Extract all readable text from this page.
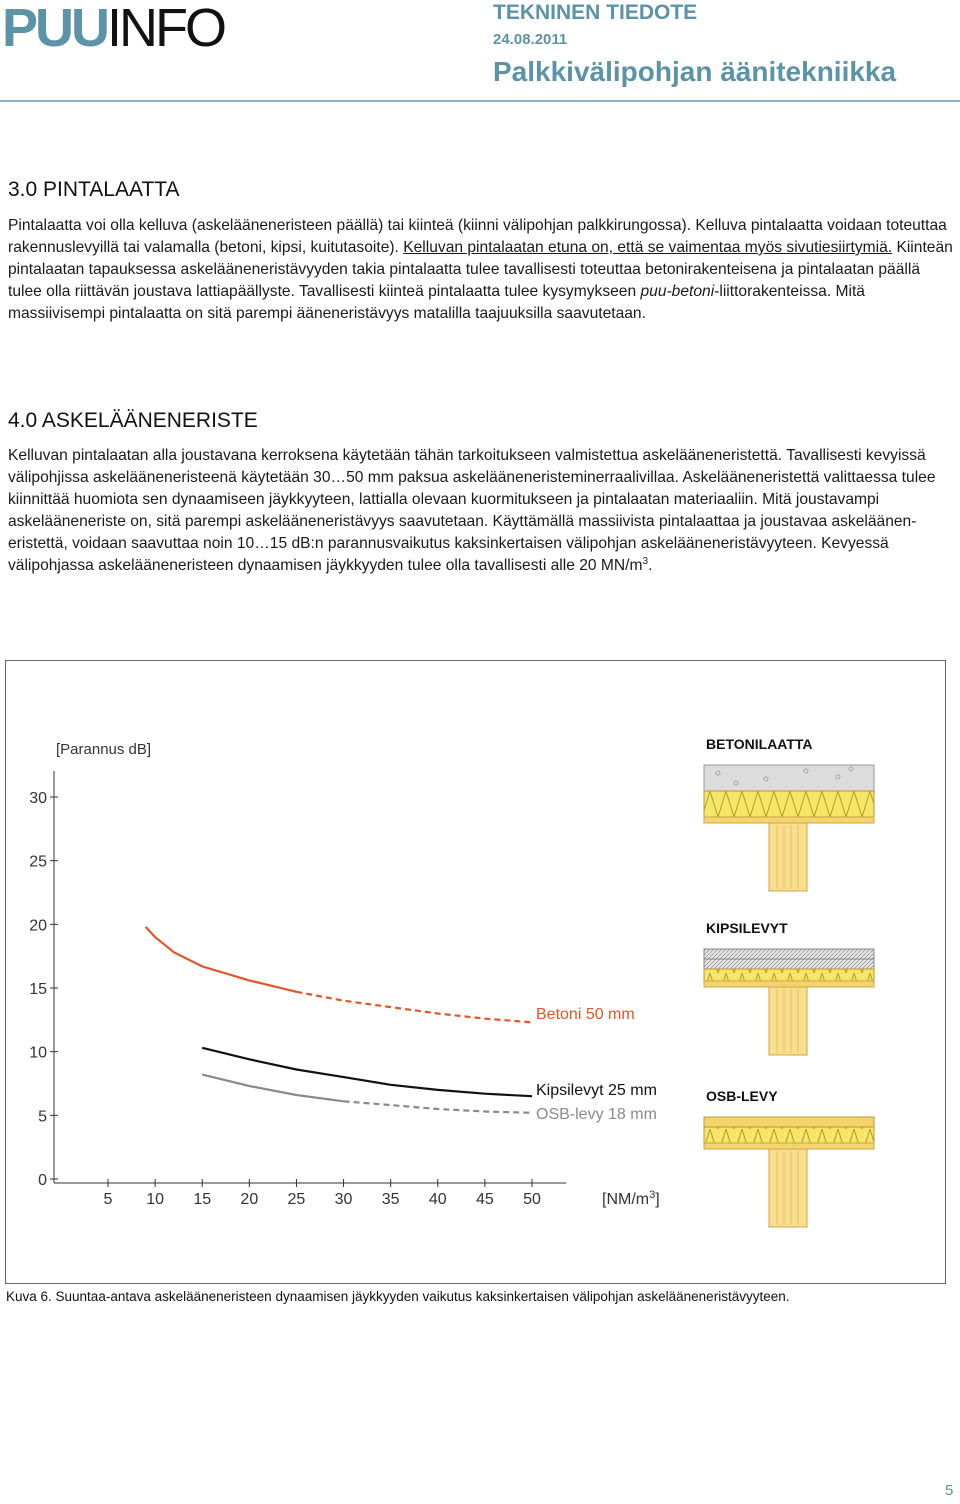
PUUINFO	TEKNINEN TIEDOTE
24.08.2011
Palkkivälipohjan äänitekniikka
3.0 PINTALAATTA

Pintalaatta voi olla kelluva (askelääneneristeen päällä) tai kiinteä (kiinni välipohjan palkkirungossa). Kelluva pintalaatta voidaan toteuttaa rakennuslevyillä tai valamalla (betoni, kipsi, kuitutasoite). Kelluvan pintalaatan etuna on, että se vaimentaa myös sivutiesiirtymiä. Kiinteän pintalaatan tapauksessa askelääneneristävyyden takia pintalaatta tulee tavallisesti toteuttaa betonirakenteisena ja pintalaatan päällä tulee olla riittävän joustava lattiapäällyste. Tavallisesti kiinteä pintalaatta tulee kysymykseen puu-betoni-liittorakenteissa. Mitä massiivisempi pintalaatta on sitä parempi ääneneristävyys matalilla taajuuksilla saavutetaan.

4.0 ASKELÄÄNENERISTE

Kelluvan pintalaatan alla joustavana kerroksena käytetään tähän tarkoitukseen valmistettua askelääneneristettä. Tavallisesti kevyissä välipohjissa askelääneneristeenä käytetään 30…50 mm paksua askelääneneristeminerraalivillaa. Askelääneneristettä valittaessa tulee kiinnittää huomiota sen dynaamiseen jäykkyyteen, lattialla olevaan kuormitukseen ja pintalaatan materiaaliin. Mitä joustavampi askelääneneriste on, sitä parempi askelääneneristävyys saavutetaan. Käyttämällä massiivista pintalaattaa ja joustavaa askelääneneristettä, voidaan saavuttaa noin 10…15 dB:n parannusvaikutus kaksinkertaisen välipohjan askelääneneristävyyteen. Kevyessä välipohjassa askelääneneristeen dynaamisen jäykkyyden tulee olla tavallisesti alle 20 $MN/m^3$.

[Parannus dB]
0
5
10
15
20
25
30
5 10 15 20 25 30 35 40 45 50	$[NM/m^3]$
Betoni 50 mm
Kipsilevyt 25 mm
OSB-levy 18 mm
BETONILAATTA
KIPSILEVYT
OSB-LEVY
Kuva 6. Suuntaa-antava askelääneneristeen dynaamisen jäykkyyden vaikutus kaksinkertaisen välipohjan askelääneneristävyyteen.
5
